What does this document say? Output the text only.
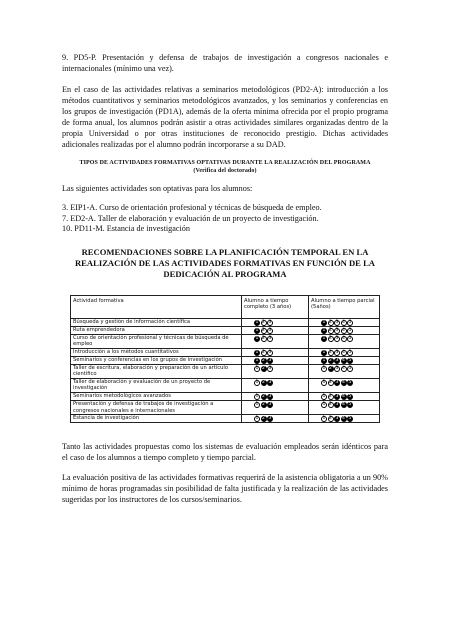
9. PD5-P. Presentación y defensa de trabajos de investigación a congresos nacionales e internacionales (mínimo una vez).

En el caso de las actividades relativas a seminarios metodológicos (PD2-A): introducción a los métodos cuantitativos y seminarios metodológicos avanzados, y los seminarios y conferencias en los grupos de investigación (PD1A), además de la oferta mínima ofrecida por el propio programa de forma anual, los alumnos podrán asistir a otras actividades similares organizadas dentro de la propia Universidad o por otras instituciones de reconocido prestigio. Dichas actividades adicionales realizadas por el alumno podrán incorporarse a su DAD.

TIPOS DE ACTIVIDADES FORMATIVAS OPTATIVAS DURANTE LA REALIZACIÓN DEL PROGRAMA (Verifica del doctorado)

Las siguientes actividades son optativas para los alumnos:

3. EIP1-A. Curso de orientación profesional y técnicas de búsqueda de empleo.
7. ED2-A. Taller de elaboración y evaluación de un proyecto de investigación.
10. PD11-M. Estancia de investigación
RECOMENDACIONES SOBRE LA PLANIFICACIÓN TEMPORAL EN LA REALIZACIÓN DE LAS ACTIVIDADES FORMATIVAS EN FUNCIÓN DE LA DEDICACIÓN AL PROGRAMA
Actividad formativa	Alumno a tiempo completo (3 años)	Alumno a tiempo parcial (5años)
Búsqueda y gestión de información científica	1 2 3	1 2 3 4 5

Ruta emprendedora	1 2 3	1 2 3 4 5

Curso de orientación profesional y técnicas de búsqueda de empleo	1 2 3	1 2 3 4 5

Introducción a los métodos cuantitativos	1 2 3	1 2 3 4 5

Seminarios y conferencias en los grupos de investigación	1 2 3	1 2 3 4 5

Taller de escritura, elaboración y preparación de un artículo científico	1 2 3	1 2 3 4 5

Taller de elaboración y evaluación de un proyecto de investigación	1 2 3	1 2 3 4 5

Seminarios metodológicos avanzados	1 2 3	1 2 3 4 5

Presentación y defensa de trabajos de investigación a congresos nacionales e internacionales	1 2 3	1 2 3 4 5

Estancia de investigación	1 2 3	1 2 3 4 5

Tanto las actividades propuestas como los sistemas de evaluación empleados serán idénticos para el caso de los alumnos a tiempo completo y tiempo parcial.

La evaluación positiva de las actividades formativas requerirá de la asistencia obligatoria a un 90% mínimo de horas programadas sin posibilidad de falta justificada y la realización de las actividades sugeridas por los instructores de los cursos/seminarios.
